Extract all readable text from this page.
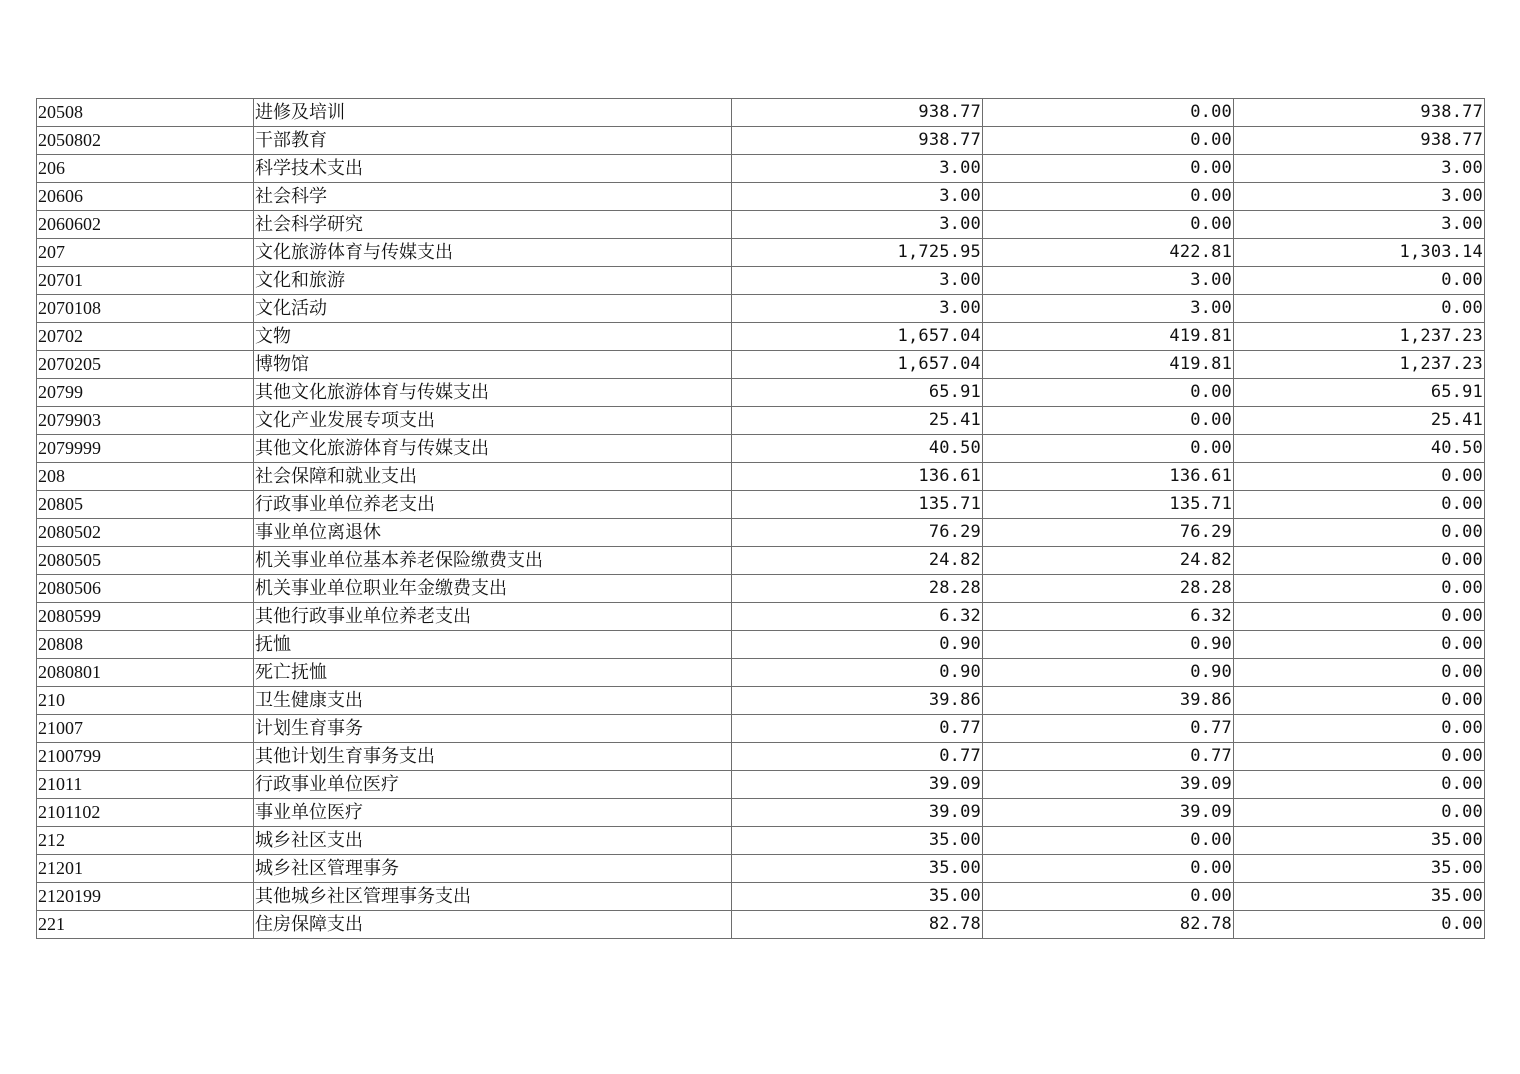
20508	进修及培训	938.77	0.00	938.77
2050802	干部教育	938.77	0.00	938.77
206	科学技术支出	3.00	0.00	3.00
20606	社会科学	3.00	0.00	3.00
2060602	社会科学研究	3.00	0.00	3.00
207	文化旅游体育与传媒支出	1,725.95	422.81	1,303.14
20701	文化和旅游	3.00	3.00	0.00
2070108	文化活动	3.00	3.00	0.00
20702	文物	1,657.04	419.81	1,237.23
2070205	博物馆	1,657.04	419.81	1,237.23
20799	其他文化旅游体育与传媒支出	65.91	0.00	65.91
2079903	文化产业发展专项支出	25.41	0.00	25.41
2079999	其他文化旅游体育与传媒支出	40.50	0.00	40.50
208	社会保障和就业支出	136.61	136.61	0.00
20805	行政事业单位养老支出	135.71	135.71	0.00
2080502	事业单位离退休	76.29	76.29	0.00
2080505	机关事业单位基本养老保险缴费支出	24.82	24.82	0.00
2080506	机关事业单位职业年金缴费支出	28.28	28.28	0.00
2080599	其他行政事业单位养老支出	6.32	6.32	0.00
20808	抚恤	0.90	0.90	0.00
2080801	死亡抚恤	0.90	0.90	0.00
210	卫生健康支出	39.86	39.86	0.00
21007	计划生育事务	0.77	0.77	0.00
2100799	其他计划生育事务支出	0.77	0.77	0.00
21011	行政事业单位医疗	39.09	39.09	0.00
2101102	事业单位医疗	39.09	39.09	0.00
212	城乡社区支出	35.00	0.00	35.00
21201	城乡社区管理事务	35.00	0.00	35.00
2120199	其他城乡社区管理事务支出	35.00	0.00	35.00
221	住房保障支出	82.78	82.78	0.00
